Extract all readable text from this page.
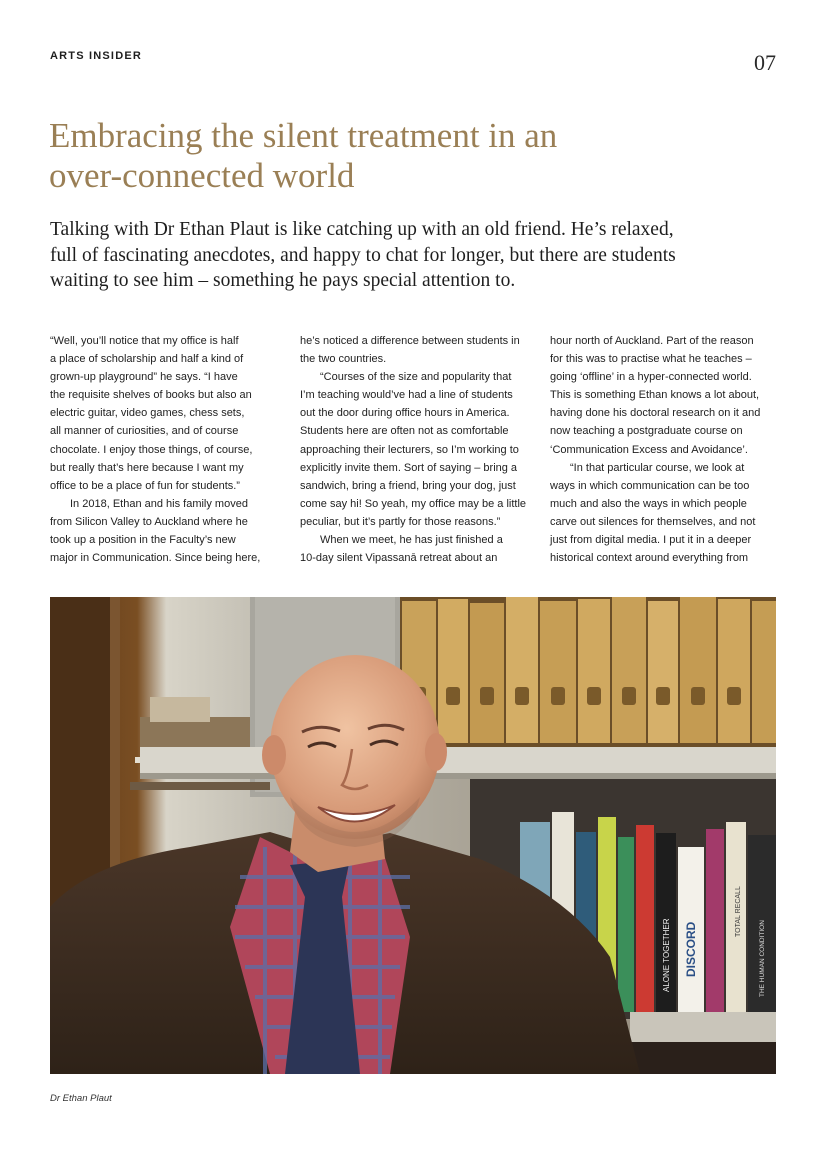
ARTS INSIDER	07
Embracing the silent treatment in an
over-connected world

Talking with Dr Ethan Plaut is like catching up with an old friend. He’s relaxed,
full of fascinating anecdotes, and happy to chat for longer, but there are students
waiting to see him – something he pays special attention to.

“Well, you’ll notice that my office is half
a place of scholarship and half a kind of
grown-up playground” he says. “I have
the requisite shelves of books but also an
electric guitar, video games, chess sets,
all manner of curiosities, and of course
chocolate. I enjoy those things, of course,
but really that’s here because I want my
office to be a place of fun for students.”
In 2018, Ethan and his family moved
from Silicon Valley to Auckland where he
took up a position in the Faculty’s new
major in Communication. Since being here,
he’s noticed a difference between students in
the two countries.
“Courses of the size and popularity that
I’m teaching would’ve had a line of students
out the door during office hours in America.
Students here are often not as comfortable
approaching their lecturers, so I’m working to
explicitly invite them. Sort of saying – bring a
sandwich, bring a friend, bring your dog, just
come say hi! So yeah, my office may be a little
peculiar, but it’s partly for those reasons.”
When we meet, he has just finished a
10-day silent Vipassanā retreat about an
hour north of Auckland. Part of the reason
for this was to practise what he teaches –
going ‘offline’ in a hyper-connected world.
This is something Ethan knows a lot about,
having done his doctoral research on it and
now teaching a postgraduate course on
‘Communication Excess and Avoidance’.
“In that particular course, we look at
ways in which communication can be too
much and also the ways in which people
carve out silences for themselves, and not
just from digital media. I put it in a deeper
historical context around everything from
DISCORD
ALONE TOGETHER
TOTAL RECALL
THE HUMAN CONDITION
Dr Ethan Plaut
